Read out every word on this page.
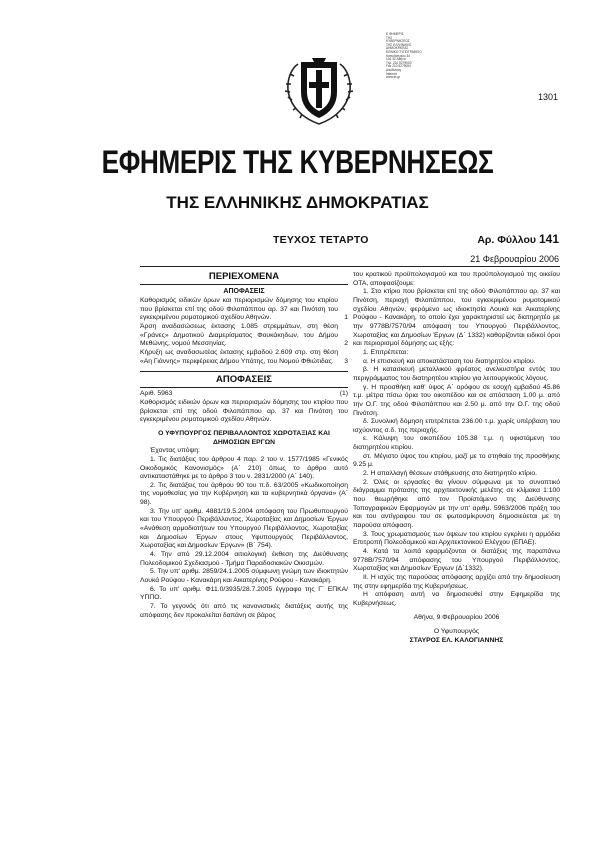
Ε ΦΗΜΕΡΙΣ
ΤΗΣ
ΚΥΒΕΡΝΗΣΕΩΣ
ΤΗΣ ΕΛΛΗΝΙΚΗΣ
ΔΗΜΟΚΡΑΤΙΑΣ
ΕΘΝΙΚΟ ΤΥΠΟΓΡΑΦΕΙΟ
Καποδιστρίου 34
104 32 Αθήνα
Τηλ. 210 5279000
Fax 210 5279054
Διεύθυνση
Internet
www.et.gr
1301
ΕΦΗΜΕΡΙΣ ΤΗΣ ΚΥΒΕΡΝΗΣΕΩΣ
ΤΗΣ ΕΛΛΗΝΙΚΗΣ ΔΗΜΟΚΡΑΤΙΑΣ
ΤΕΥΧΟΣ ΤΕΤΑΡΤΟ	Αρ. Φύλλου 141
21 Φεβρουαρίου 2006
ΠΕΡΙΕΧΟΜΕΝΑ
ΑΠΟΦΑΣΕΙΣ
Καθορισμός ειδικών όρων και περιορισμών δόμησης του κτιρίου που βρίσκεται επί της οδού Φιλοπάππου αρ. 37 και Πινότση του εγκεκριμένου ρυμοτομικού σχεδίου Αθηνών.	1
Άρση αναδασώσεως έκτασης 1.085 στρεμμάτων, στη θέση «Γράνες» Δημοτικού Διαμερίσματος Φουκάκηδων, του Δήμου Μεθώνης, νομού Μεσσηνίας.	2
Κήρυξη ως αναδασωτέας έκτασης εμβαδού 2.609 στρ. στη θέση «Αη Γιάννης» περιφέρειας Δήμου Υπάτης, του Νομού Φθιώτιδας. 3
ΑΠΟΦΑΣΕΙΣ
Αριθ. 5963	(1)
Καθορισμός ειδικών όρων και περιορισμών δόμησης του κτιρίου που βρίσκεται επί της οδού Φιλοπάππου αρ. 37 και Πινότση του εγκεκριμένου ρυμοτομικού σχεδίου Αθηνών.
Ο ΥΦΥΠΟΥΡΓΟΣ ΠΕΡΙΒΑΛΛΟΝΤΟΣ ΧΩΡΟΤΑΞΙΑΣ ΚΑΙ ΔΗΜΟΣΙΩΝ ΕΡΓΩΝ
Έχοντας υπόψη:
1. Τις διατάξεις του άρθρου 4 παρ. 2 του ν. 1577/1985 «Γενικός Οικοδομικός Κανονισμός» (Α΄ 210) όπως το άρθρο αυτό αντικαταστάθηκε με το άρθρο 3 του ν. 2831/2000 (Α΄ 140).
2. Τις διατάξεις του άρθρου 90 του π.δ. 63/2005 «Κωδικοποίηση της νομοθεσίας για την Κυβέρνηση και τα κυβερνητικά όργανα» (Α΄ 98).
3. Την υπ' αριθμ. 4881/19.5.2004 απόφαση του Πρωθυπουργού και του Υπουργού Περιβάλλοντος, Χωροταξίας και Δημοσίων Έργων «Ανάθεση αρμοδιοτήτων του Υπουργού Περιβάλλοντος, Χωροταξίας και Δημοσίων Έργων στους Υφυπουργούς Περιβάλλοντος, Χωροταξίας και Δημοσίων Έργων» (Β΄ 754).
4. Την από 29.12.2004 αιτιολογική έκθεση της Διεύθυνσης Πολεοδομικού Σχεδιασμού - Τμήμα Παραδοσιακών Οικισμών.
5. Την υπ' αριθμ. 2859/24.1.2005 σύμφωνη γνώμη των ιδιοκτητών Λουκά Ρούφου - Κανακάρη και Αικατερίνης Ρούφου - Κανακάρη.
6. Το υπ' αριθμ. Φ11.0/3935/28.7.2005 έγγραφο της Γ΄ ΕΠΚΑ/ΥΠΠΟ.
7. Το γεγονός ότι από τις κανονιστικές διατάξεις αυτής της απόφασης δεν προκαλείται δαπάνη σε βάρος
του κρατικού προϋπολογισμού και του προϋπολογισμού της οικείου ΟΤΑ, αποφασίζουμε:
1. Στο κτίριο που βρίσκεται επί της οδού Φιλοπάππου αρ. 37 και Πινότση, περιοχή Φιλοπάππου, του εγκεκριμένου ρυμοτομικού σχεδίου Αθηνών, φερόμενο ως ιδιοκτησία Λουκά και Αικατερίνης Ρούφου - Κανακάρη, το οποίο έχει χαρακτηριστεί ως διατηρητέο με την 9778Β/7570/94 απόφαση του Υπουργού Περιβάλλοντος, Χωροταξίας και Δημοσίων Έργων (Δ΄ 1332) καθορίζονται ειδικοί όροι και περιορισμοί δόμησης ως εξής:
1. Επιτρέπεται:
α. Η επισκευή και αποκατάσταση του διατηρητέου κτιρίου.
β. Η κατασκευή μεταλλικού φρέατος ανελκυστήρα εντός του περιγράμματος του διατηρητέου κτιρίου για λειτουργικούς λόγους.
γ. Η προσθήκη καθ' ύψος Α΄ ορόφου σε εσοχή εμβαδού 45.86 τ.μ. μέτρα πίσω όρια του οικοπέδου και σε απόσταση 1.00 μ. από την Ο.Γ. της οδού Φιλοπάππου και 2.50 μ. από την Ο.Γ. της οδού Πινότση.
δ. Συνολική δόμηση επιτρέπεται 236.00 τ.μ. χωρίς υπέρβαση του ισχύοντος σ.δ. της περιοχής.
ε. Κάλυψη του οικοπέδου 105.38 τ.μ. η υφιστάμενη του διατηρητέου κτιρίου.
στ. Μέγιστο ύψος του κτιρίου, μαζί με το στηθαίο της προσθήκης 9.25 μ.
2. Η απαλλαγή θέσεων στάθμευσης στο διατηρητέο κτίριο.
2. Όλες οι εργασίες θα γίνουν σύμφωνα με το συνοπτικό διάγραμμα πρότασης της αρχιτεκτονικής μελέτης σε κλίμακα 1:100 που θεωρήθηκε από τον Προϊστάμενο της Διεύθυνσης Τοπογραφικών Εφαρμογών με την υπ' αριθμ. 5963/2006 πράξη του και του αντίγραφου του σε φωτοσμίκρυνση δημοσιεύεται με τη παρούσα απόφαση.
3. Τους χρωματισμούς των όψεων του κτιρίου εγκρίνει η αρμόδια Επιτροπή Πολεοδομικού και Αρχιτεκτονικού Ελέγχου (ΕΠΑΕ).
4. Κατά τα λοιπά εφαρμόζονται οι διατάξεις της παραπάνω 9778Β/7570/94 απόφασης του Υπουργού Περιβάλλοντος, Χωροταξίας και Δημοσίων Έργων (Δ΄1332).
II. Η ισχύς της παρούσας απόφασης αρχίζει από την δημοσίευση της στην εφημερίδα της Κυβερνήσεως.
Η απόφαση αυτή να δημοσιευθεί στην Εφημερίδα της Κυβερνήσεως.
Αθήνα, 9 Φεβρουαρίου 2006
Ο Υφυπουργός
ΣΤΑΥΡΟΣ ΕΛ. ΚΑΛΟΓΙΑΝΝΗΣ
